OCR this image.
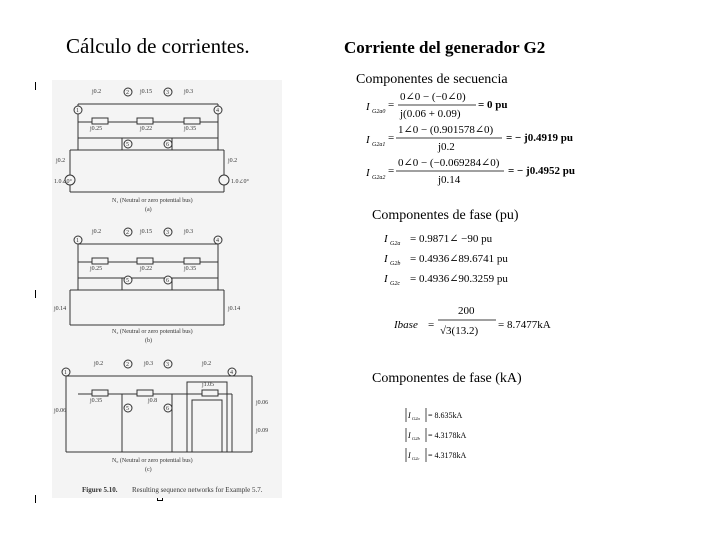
Cálculo de corrientes.	Corriente del generador G2
Componentes de secuencia
Componentes de fase (pu)
Componentes de fase (kA)
1
2	3
4
5	6
j0.2	j0.15	j0.3
j0.25	j0.22	j0.35
j0.2	j0.2
1.0∠0°	1.0∠0°
N₁ (Neutral or zero potential bus)
(a)
1
2	3
4
5	6
j0.2	j0.15	j0.3
j0.25	j0.22	j0.35
j0.14	j0.14
N₂ (Neutral or zero potential bus)
(b)
1
2	3
4
5	6
j0.2	j0.3	j0.2
j0.35	j0.8
j1.05
j0.06
j0.06
j0.09
N₀ (Neutral or zero potential bus)
(c)
Figure 5.10. Resulting sequence networks for Example 5.7.
I G2a0
=
0∠0 − (−0∠0)
j(0.06 + 0.09)
= 0 pu
I G2a1
=
1∠0 − (0.901578∠0)
j0.2
= − j0.4919 pu
I G2a2
=
0∠0 − (−0.069284∠0)
j0.14
= − j0.4952 pu
I G2a = 0.9871∠ −90 pu
I G2b = 0.4936∠89.6741 pu
I G2c = 0.4936∠90.3259 pu
Ibase =
200
√3(13.2) = 8.7477kA
I G2a = 8.635kA
I G2b = 4.3178kA
I G2c = 4.3178kA
